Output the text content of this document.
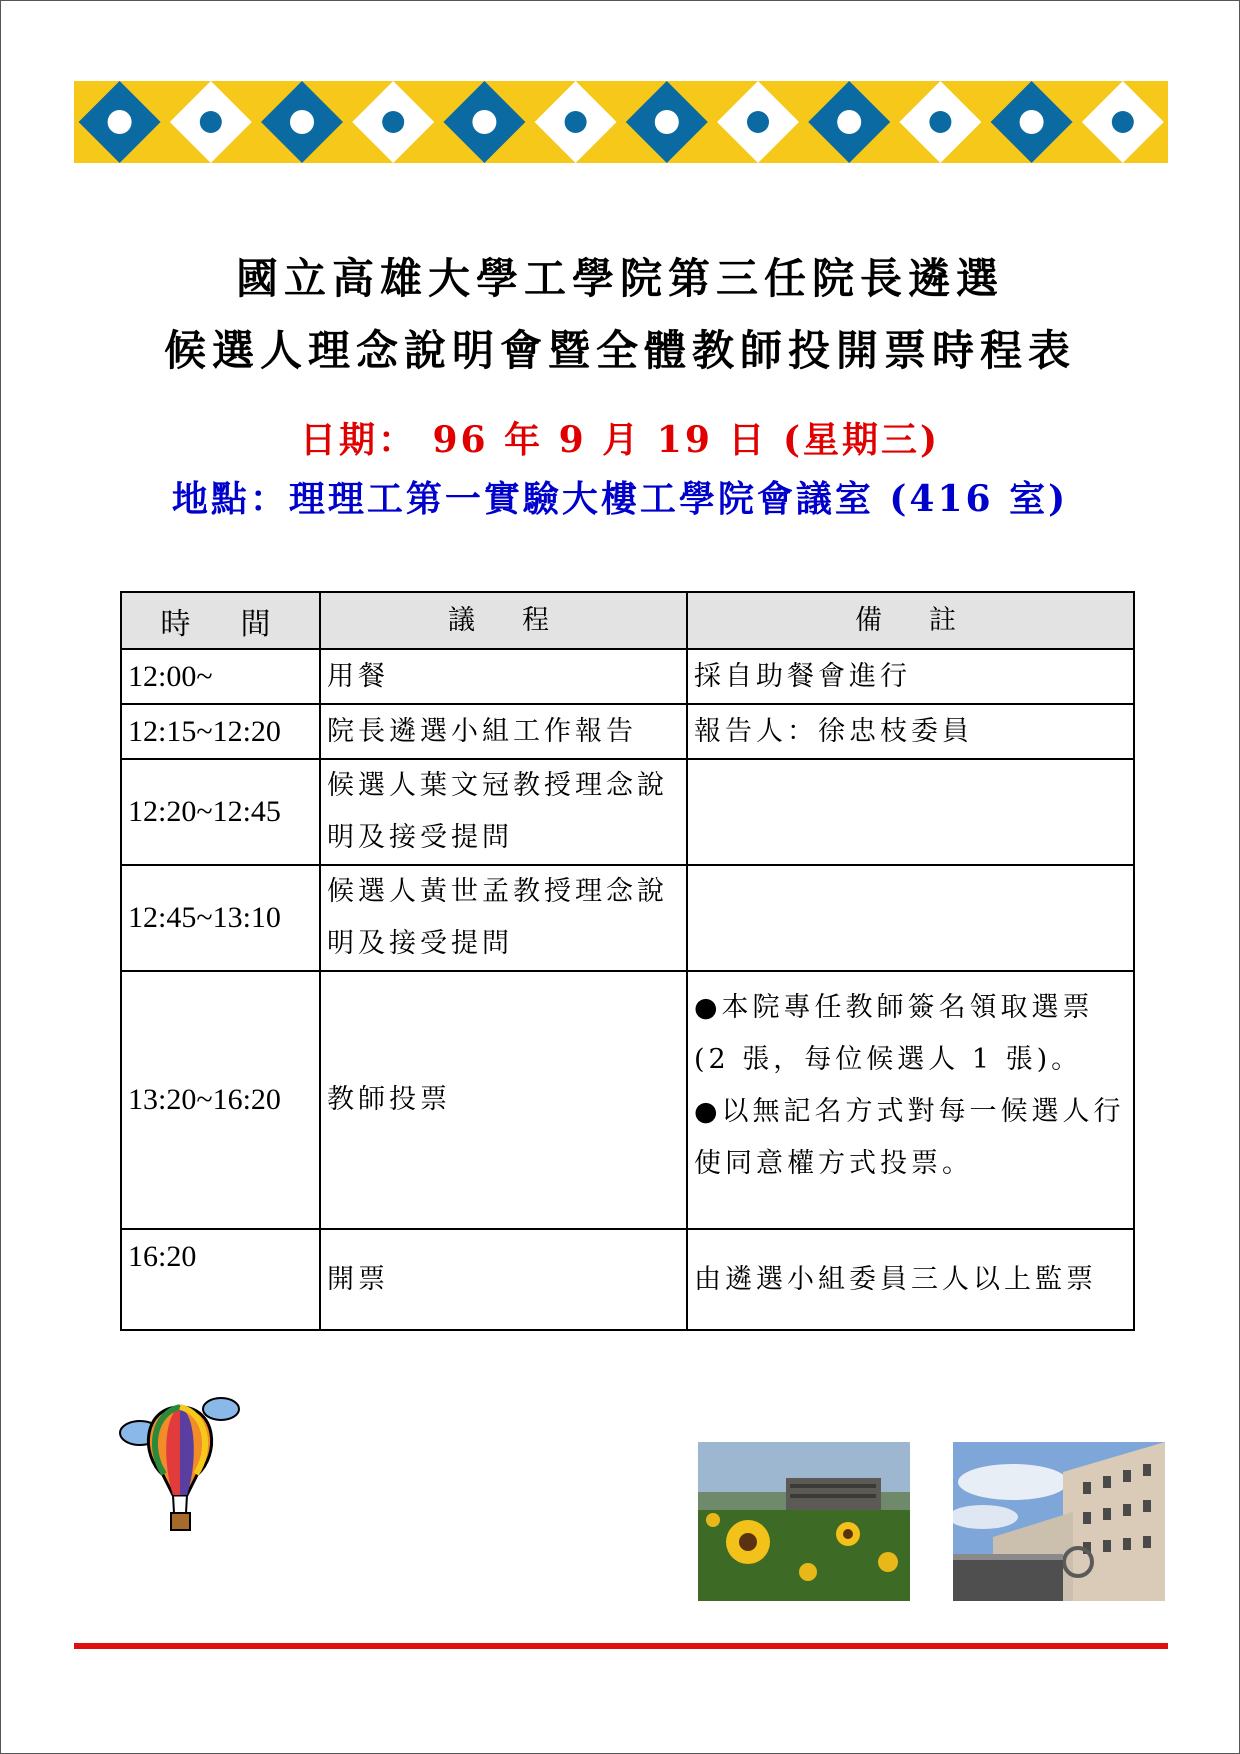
國立高雄大學工學院第三任院長遴選
候選人理念說明會暨全體教師投開票時程表
日期： 96 年 9 月 19 日 (星期三)
地點：理理工第一實驗大樓工學院會議室 (416 室)
時　間	議　程	備　註
12:00~	用餐	採自助餐會進行
12:15~12:20	院長遴選小組工作報告	報告人：徐忠枝委員
12:20~12:45	候選人葉文冠教授理念說明及接受提問	
12:45~13:10	候選人黃世孟教授理念說明及接受提問	
13:20~16:20	教師投票	●本院專任教師簽名領取選票(2 張，每位候選人 1 張)。
●以無記名方式對每一候選人行使同意權方式投票。

16:20	開票	由遴選小組委員三人以上監票
